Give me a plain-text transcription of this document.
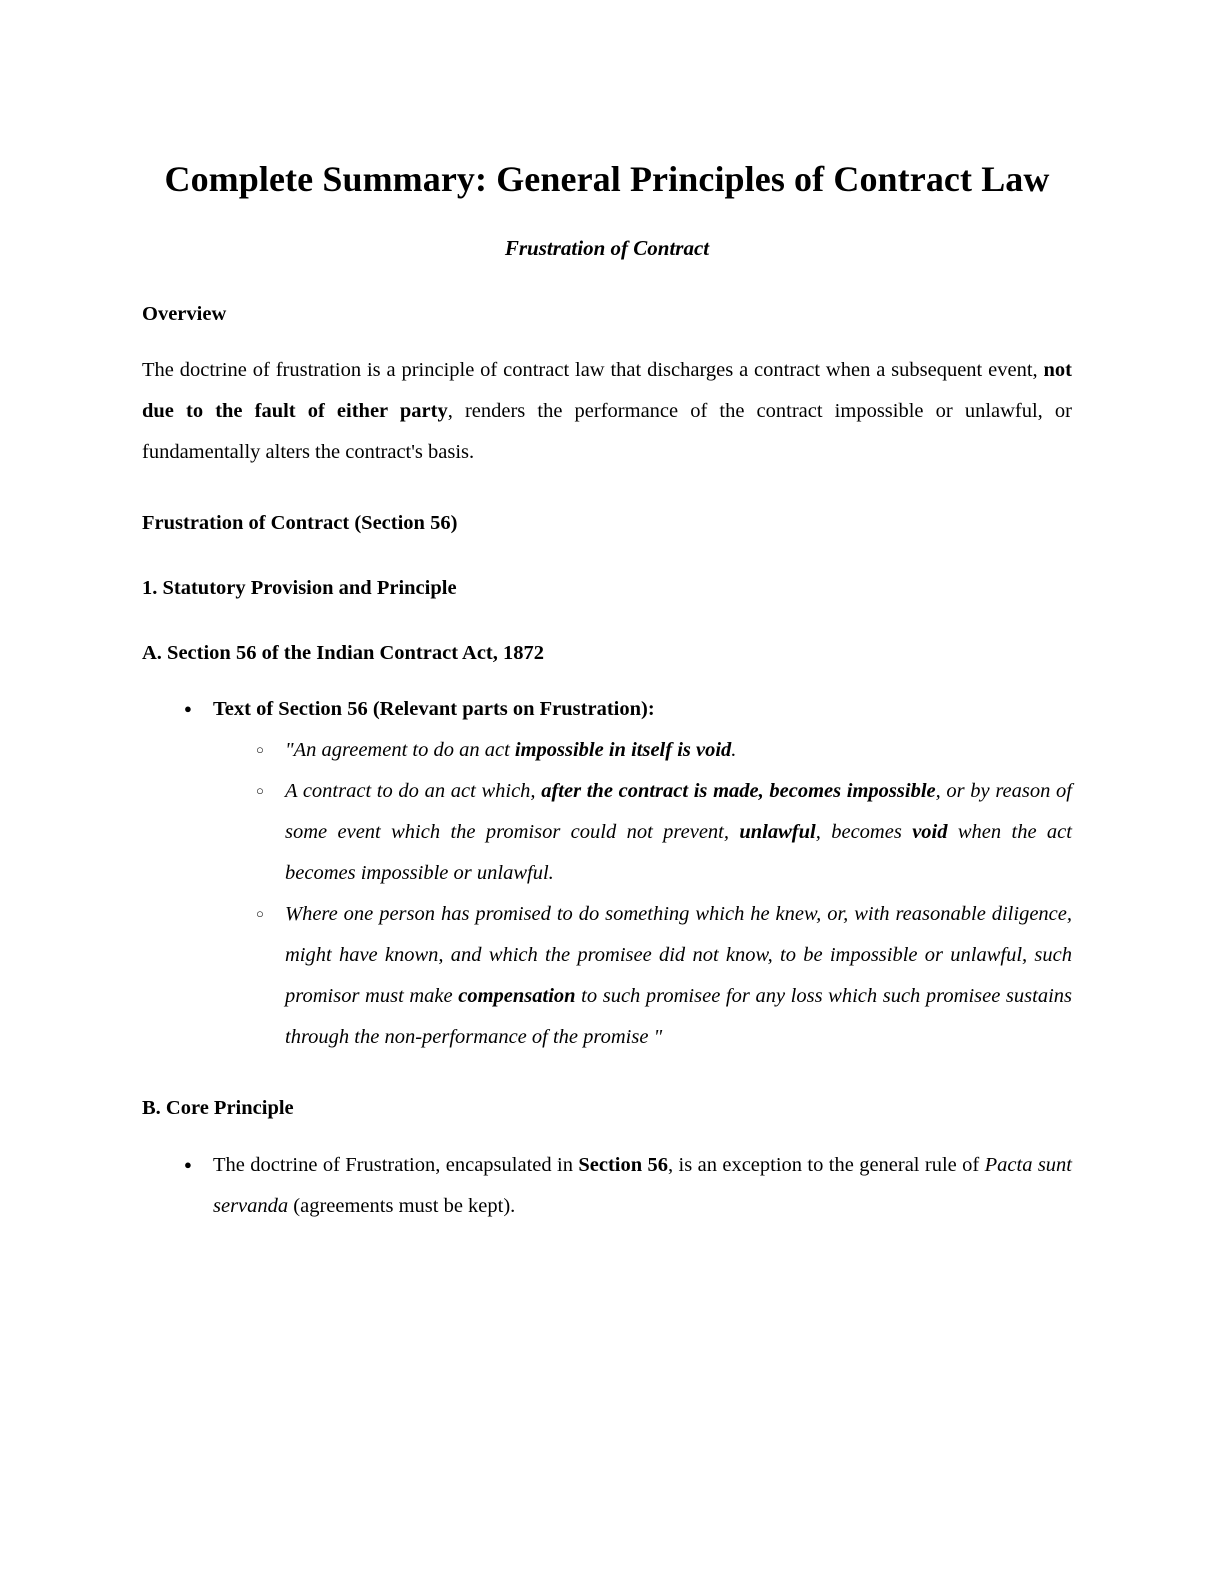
Complete Summary: General Principles of Contract Law

Frustration of Contract

Overview

The doctrine of frustration is a principle of contract law that discharges a contract when a subsequent event, not due to the fault of either party, renders the performance of the contract impossible or unlawful, or fundamentally alters the contract's basis.

Frustration of Contract (Section 56)
1. Statutory Provision and Principle
A. Section 56 of the Indian Contract Act, 1872
● Text of Section 56 (Relevant parts on Frustration):
○ "An agreement to do an act impossible in itself is void.
○ A contract to do an act which, after the contract is made, becomes impossible, or by reason of some event which the promisor could not prevent, unlawful, becomes void when the act becomes impossible or unlawful.
○ Where one person has promised to do something which he knew, or, with reasonable diligence, might have known, and which the promisee did not know, to be impossible or unlawful, such promisor must make compensation to such promisee for any loss which such promisee sustains through the non-performance of the promise "
B. Core Principle
● The doctrine of Frustration, encapsulated in Section 56, is an exception to the general rule of Pacta sunt servanda (agreements must be kept).
